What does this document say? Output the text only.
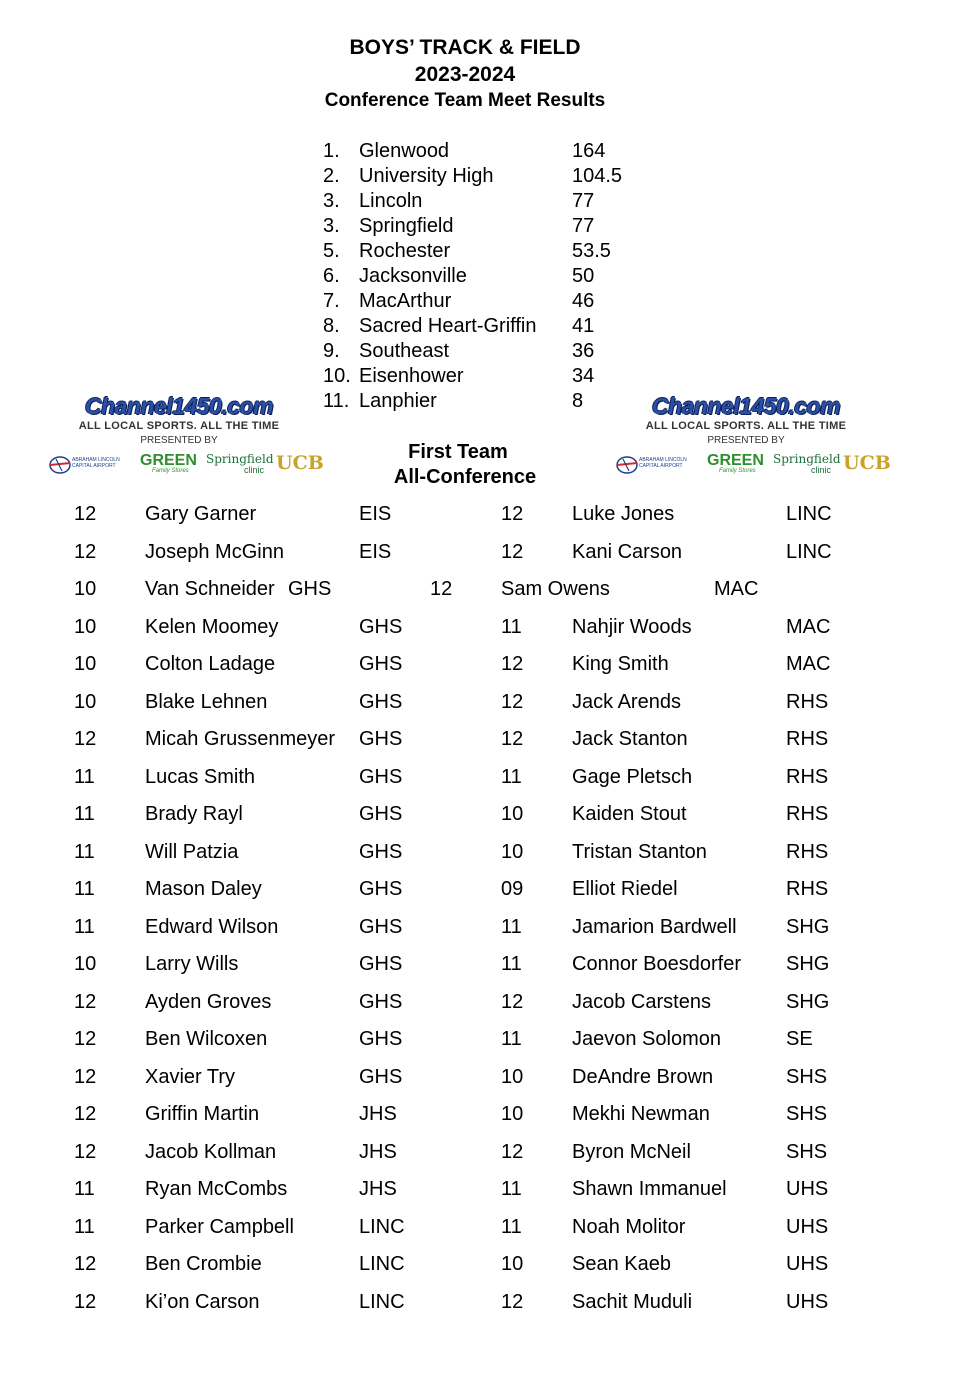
BOYS’ TRACK & FIELD
2023-2024
Conference Team Meet Results
1. Glenwood	164
2. University High	104.5
3. Lincoln	77
3. Springfield	77
5. Rochester	53.5
6. Jacksonville	50
7. MacArthur	46
8. Sacred Heart-Griffin 41
9. Southeast	36
10. Eisenhower	34
11. Lanphier	8
Channel1450.com
ALL LOCAL SPORTS. ALL THE TIME
PRESENTED BY
ABRAHAM LINCOLN CAPITAL AIRPORT	GREEN
Family Stores
Springfield
clinic UCB
Channel1450.com
ALL LOCAL SPORTS. ALL THE TIME
PRESENTED BY
ABRAHAM LINCOLN CAPITAL AIRPORT	GREEN
Family Stores
Springfield
clinic UCB
First Team
All-Conference
12 Gary Garner	EIS	12 Luke Jones	LINC
12 Joseph McGinn	EIS	12 Kani Carson	LINC
10 Van Schneider GHS	12 Sam Owens	MAC
10 Kelen Moomey	GHS	11	Nahjir Woods	MAC
10 Colton Ladage	GHS	12 King Smith	MAC
10 Blake Lehnen	GHS	12 Jack Arends	RHS
12 Micah Grussenmeyer GHS	12 Jack Stanton	RHS
11	Lucas Smith	GHS	11	Gage Pletsch	RHS
11	Brady Rayl	GHS	10 Kaiden Stout	RHS
11	Will Patzia	GHS	10 Tristan Stanton	RHS
11	Mason Daley	GHS	09 Elliot Riedel	RHS
11	Edward Wilson	GHS	11	Jamarion Bardwell SHG
10 Larry Wills	GHS	11	Connor Boesdorfer SHG
12 Ayden Groves	GHS	12 Jacob Carstens	SHG
12 Ben Wilcoxen	GHS	11	Jaevon Solomon	SE
12 Xavier Try	GHS	10 DeAndre Brown	SHS
12 Griffin Martin	JHS	10 Mekhi Newman	SHS
12 Jacob Kollman	JHS	12 Byron McNeil	SHS
11	Ryan McCombs	JHS	11	Shawn Immanuel	UHS
11	Parker Campbell	LINC	11	Noah Molitor	UHS
12 Ben Crombie	LINC	10 Sean Kaeb	UHS
12 Ki’on Carson	LINC	12 Sachit Muduli	UHS
